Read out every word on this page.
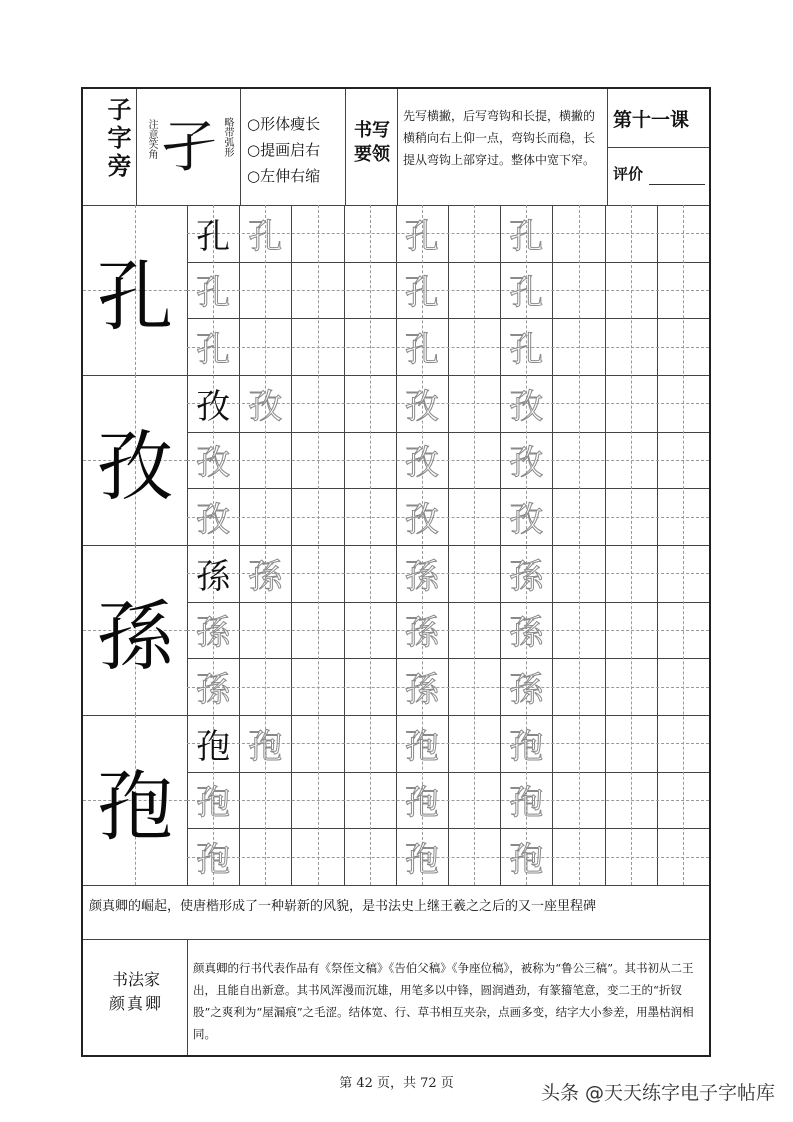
子字旁	注意笑角 孑 略带弧形 ○形体瘦长
○提画启右
○左伸右缩
书写要领
先写横撇，后写弯钩和长提，横撇的横稍向右上仰一点，弯钩长而稳，长提从弯钩上部穿过。整体中宽下窄。
第十一课
评价
孔
孔 孔	孔 孔
孔	孔 孔
孔	孔 孔
孜
孜 孜	孜 孜
孜	孜 孜
孜	孜 孜
孫
孫 孫	孫 孫
孫	孫 孫
孫	孫 孫
孢
孢 孢	孢 孢
孢	孢 孢
孢	孢 孢
颜真卿的崛起，使唐楷形成了一种崭新的风貌，是书法史上继王羲之之后的又一座里程碑
书法家
颜真卿
颜真卿的行书代表作品有《祭侄文稿》《告伯父稿》《争座位稿》，被称为“鲁公三稿”。其书初从二王出，且能自出新意。其书风浑漫而沉雄，用笔多以中锋，圆润遒劲，有篆籀笔意，变二王的“折钗股”之爽利为“屋漏痕”之毛涩。结体宽、行、草书相互夹杂，点画多变，结字大小参差，用墨枯润相同。
第 42 页，共 72 页	头条 @天天练字电子字帖库
